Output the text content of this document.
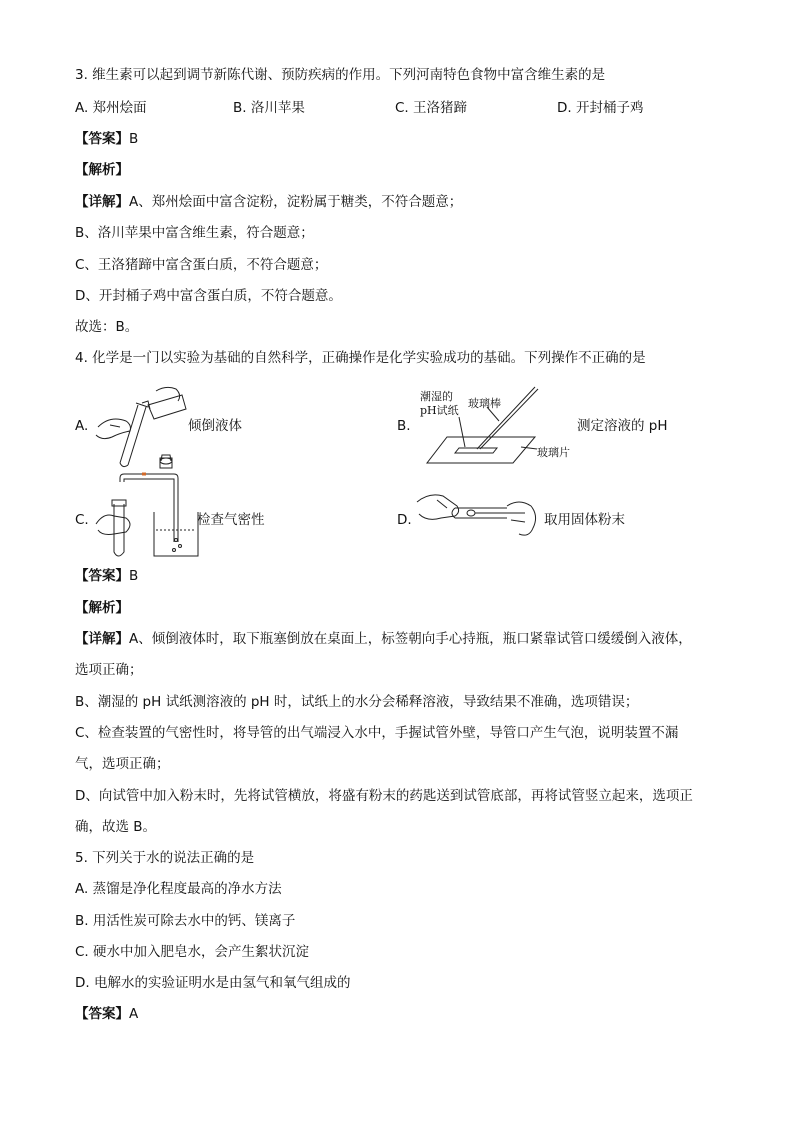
3. 维生素可以起到调节新陈代谢、预防疾病的作用。下列河南特色食物中富含维生素的是
A. 郑州烩面	B. 洛川苹果	C. 王洛猪蹄	D. 开封桶子鸡
【答案】B
【解析】
【详解】A、郑州烩面中富含淀粉，淀粉属于糖类，不符合题意；
B、洛川苹果中富含维生素，符合题意；
C、王洛猪蹄中富含蛋白质，不符合题意；
D、开封桶子鸡中富含蛋白质，不符合题意。
故选：B。
4. 化学是一门以实验为基础的自然科学，正确操作是化学实验成功的基础。下列操作不正确的是
A.	倾倒液体	B.
潮湿的
pH试纸
玻璃棒
玻璃片
测定溶液的 pH
C.	检查气密性	D.	取用固体粉末
【答案】B
【解析】
【详解】A、倾倒液体时，取下瓶塞倒放在桌面上，标签朝向手心持瓶，瓶口紧靠试管口缓缓倒入液体，
选项正确；
B、潮湿的 pH 试纸测溶液的 pH 时，试纸上的水分会稀释溶液，导致结果不准确，选项错误；
C、检查装置的气密性时，将导管的出气端浸入水中，手握试管外壁，导管口产生气泡，说明装置不漏
气，选项正确；
D、向试管中加入粉末时，先将试管横放，将盛有粉末的药匙送到试管底部，再将试管竖立起来，选项正
确，故选 B。
5. 下列关于水的说法正确的是
A. 蒸馏是净化程度最高的净水方法
B. 用活性炭可除去水中的钙、镁离子
C. 硬水中加入肥皂水，会产生絮状沉淀
D. 电解水的实验证明水是由氢气和氧气组成的
【答案】A
